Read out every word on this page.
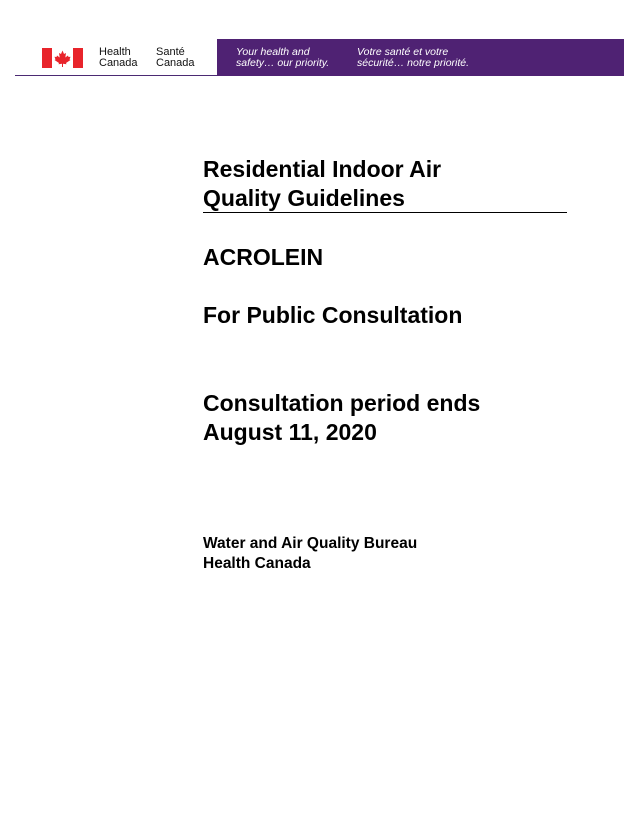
Health
Canada
Santé
Canada
Your health and
safety… our priority.
Votre santé et votre
sécurité… notre priorité.
Residential Indoor Air
Quality Guidelines
ACROLEIN
For Public Consultation
Consultation period ends
August 11, 2020
Water and Air Quality Bureau
Health Canada
